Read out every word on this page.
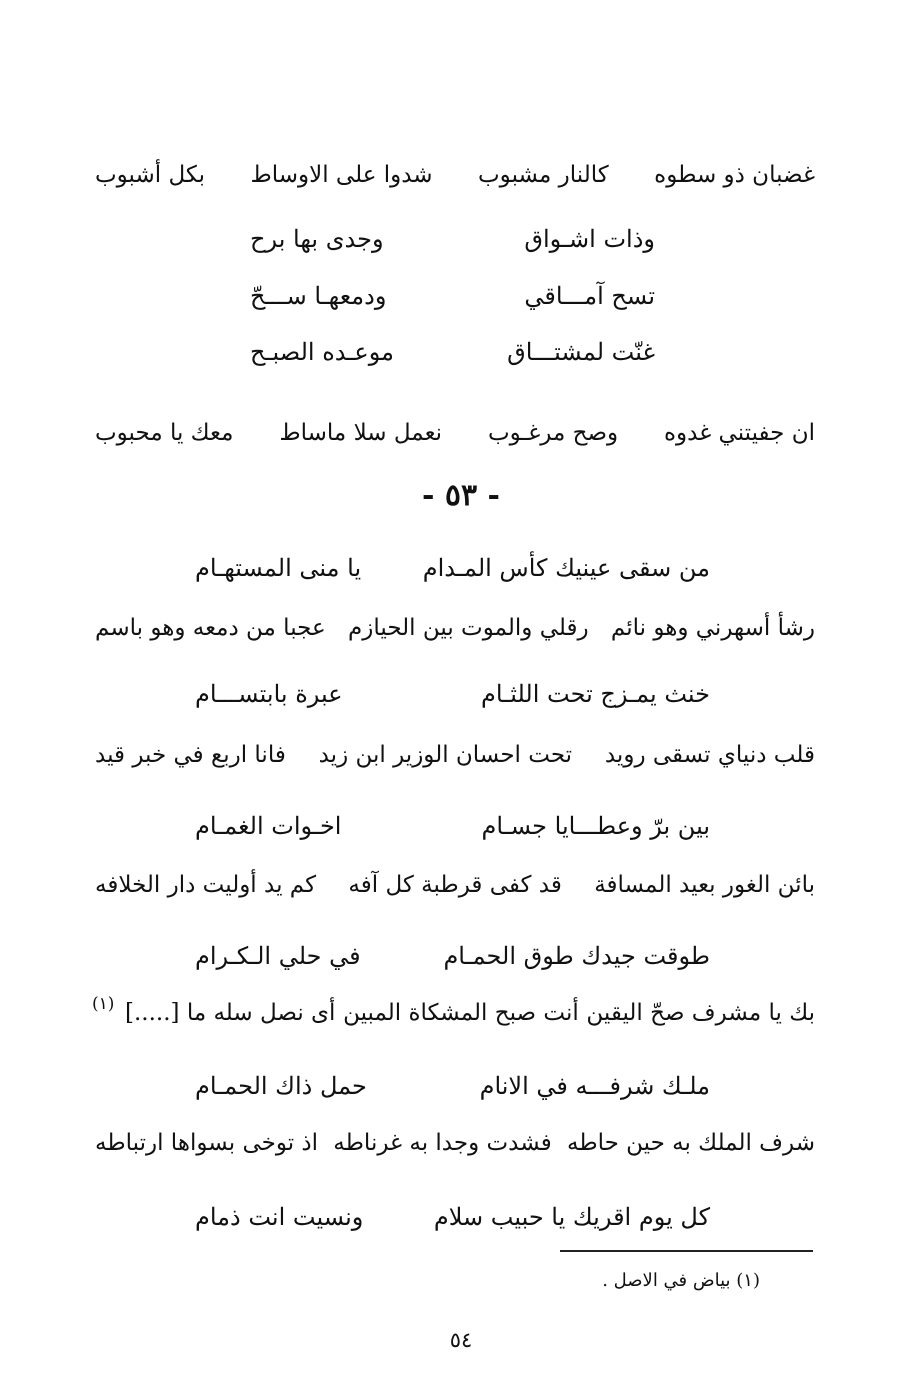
غضبان ذو سطوه
كالنار مشبوب
شدوا على الاوساط
بكل أشبوب
وذات اشـواق
وجدى بها برح
تسح آمـــاقي
ودمعهـا ســـحّ
غنّت لمشتـــاق
موعـده الصبـح
ان جفيتني غدوه
وصح مرغـوب
نعمل سلا ماساط
معك يا محبوب
- ٥٣ -
من سقى عينيك كأس المـدام
يا منى المستهـام
رشأ أسهرني وهو نائم
رقلي والموت بين الحيازم
عجبا من دمعه وهو باسم
خنث يمـزج تحت اللثـام
عبرة بابتســـام
قلب دنياي تسقى رويد
تحت احسان الوزير ابن زيد
فانا اربع في خبر قيد
بين برّ وعطـــايا جسـام
اخـوات الغمـام
بائن الغور بعيد المسافة
قد كفى قرطبة كل آفه
كم يد أوليت دار الخلافه
طوقت جيدك طوق الحمـام
في حلي الـكـرام
بك يا مشرف صحّ اليقين
أنت صبح المشكاة المبين
أى نصل سله ما [.....]
(١)
ملـك شرفـــه في الانام
حمل ذاك الحمـام
شرف الملك به حين حاطه
فشدت وجدا به غرناطه
اذ توخى بسواها ارتباطه
كل يوم اقريك يا حبيب سلام
ونسيت انت ذمام
(١) بياض في الاصل .
٥٤
